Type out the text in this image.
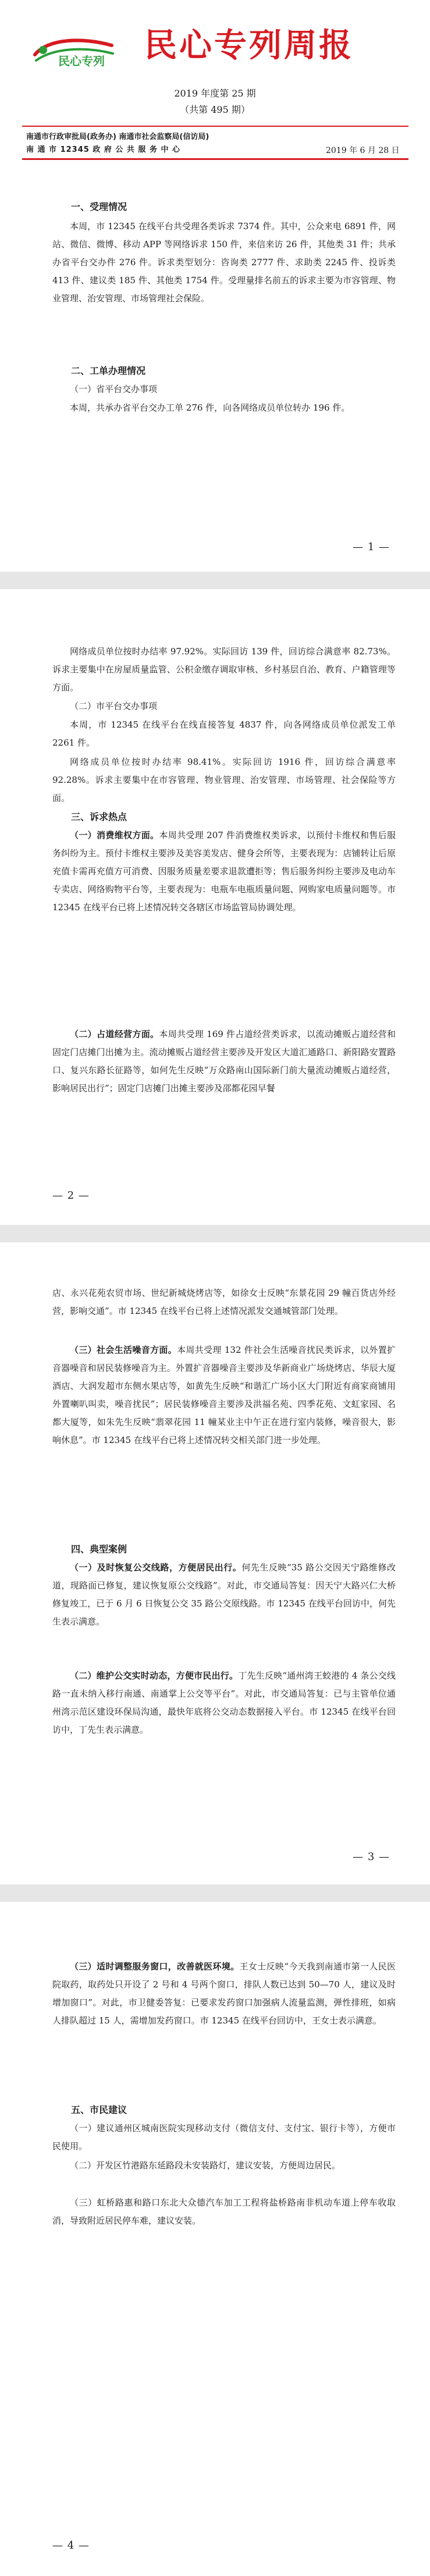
民心专列 民心专列周报
2019 年度第 25 期
（共第 495 期）
南通市行政审批局(政务办) 南通市社会监察局(信访局)
南 通 市 12345 政 府 公 共 服 务 中 心	2019 年 6 月 28 日

一、受理情况

本周，市 12345 在线平台共受理各类诉求 7374 件。其中，公众来电 6891 件，网站、微信、微博、移动 APP 等网络诉求 150 件，来信来访 26 件，其他类 31 件；共承办省平台交办件 276 件。诉求类型划分：咨询类 2777 件、求助类 2245 件、投诉类 413 件、建议类 185 件、其他类 1754 件。受理量排名前五的诉求主要为市容管理、物业管理、治安管理、市场管理社会保险。

二、工单办理情况

（一）省平台交办事项

本周，共承办省平台交办工单 276 件，向各网络成员单位转办 196 件。

— 1 —

网络成员单位按时办结率 97.92%。实际回访 139 件，回访综合满意率 82.73%。诉求主要集中在房屋质量监管、公积金缴存调取审核、乡村基层自治、教育、户籍管理等方面。

（二）市平台交办事项

本周，市 12345 在线平台在线直接答复 4837 件，向各网络成员单位派发工单 2261 件。

网络成员单位按时办结率 98.41%。实际回访 1916 件，回访综合满意率 92.28%。诉求主要集中在市容管理、物业管理、治安管理、市场管理、社会保险等方面。

三、诉求热点

（一）消费维权方面。本周共受理 207 件消费维权类诉求，以预付卡维权和售后服务纠纷为主。预付卡维权主要涉及美容美发店、健身会所等，主要表现为：店铺转让后原充值卡需再充值方可消费、因服务质量差要求退款遭拒等；售后服务纠纷主要涉及电动车专卖店、网络购物平台等，主要表现为：电瓶车电瓶质量问题、网购家电质量问题等。市 12345 在线平台已将上述情况转交各辖区市场监管局协调处理。

（二）占道经营方面。本周共受理 169 件占道经营类诉求，以流动摊贩占道经营和固定门店摊门出摊为主。流动摊贩占道经营主要涉及开发区大道汇通路口、新阳路安置路口、复兴东路长征路等，如何先生反映“万众路南山国际新门前大量流动摊贩占道经营，影响居民出行”；固定门店摊门出摊主要涉及邵都花园早餐

— 2 —

店、永兴花苑农贸市场、世纪新城烧烤店等，如徐女士反映“东景花园 29 幢百货店外经营，影响交通”。市 12345 在线平台已将上述情况派发交通城管部门处理。

（三）社会生活噪音方面。本周共受理 132 件社会生活噪音扰民类诉求，以外置扩音器噪音和居民装修噪音为主。外置扩音器噪音主要涉及华新商业广场烧烤店、华辰大厦酒店、大润发超市东侧水果店等，如黄先生反映“和谐汇广场小区大门附近有商家商铺用外置喇叭叫卖，噪音扰民”；居民装修噪音主要涉及洪福名苑、四季花苑、文虹家园、名都大厦等，如朱先生反映“翡翠花园 11 幢某业主中午正在进行室内装修，噪音很大，影响休息”。市 12345 在线平台已将上述情况转交相关部门进一步处理。

四、典型案例

（一）及时恢复公交线路，方便居民出行。何先生反映“35 路公交因天宁路维修改道，现路面已修复，建议恢复原公交线路”。对此，市交通局答复：因天宁大路兴仁大桥修复竣工，已于 6 月 6 日恢复公交 35 路公交原线路。市 12345 在线平台回访中，何先生表示满意。

（二）维护公交实时动态，方便市民出行。丁先生反映“通州湾王蛟港的 4 条公交线路一直未纳入移行南通、南通掌上公交等平台”。对此，市交通局答复：已与主管单位通州湾示范区建设环保局沟通，最快年底将公交动态数据接入平台。市 12345 在线平台回访中，丁先生表示满意。

— 3 —

（三）适时调整服务窗口，改善就医环境。王女士反映“今天我到南通市第一人民医院取药，取药处只开设了 2 号和 4 号两个窗口，排队人数已达到 50—70 人，建议及时增加窗口”。对此，市卫健委答复：已要求发药窗口加强病人流量监测，弹性排班，如病人排队超过 15 人，需增加发药窗口。市 12345 在线平台回访中，王女士表示满意。

五、市民建议

（一）建议通州区城南医院实现移动支付（微信支付、支付宝、银行卡等），方便市民使用。

（二）开发区竹港路东延路段未安装路灯，建议安装，方便周边居民。

（三）虹桥路惠和路口东北大众德汽车加工工程将盐桥路南非机动车道上停车收取消，导致附近居民停车难，建议安装。

— 4 —
